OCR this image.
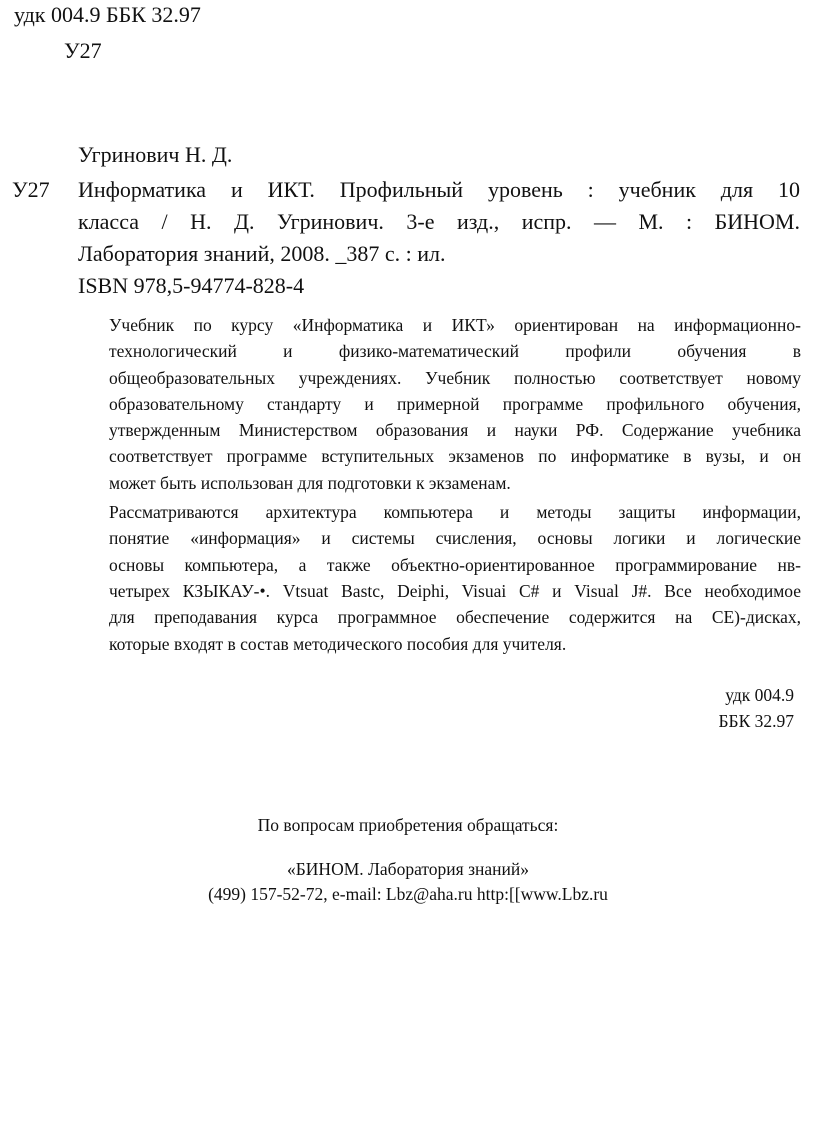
удк 004.9 ББК 32.97
У27
Угринович Н. Д.
У27 Информатика и ИКТ. Профильный уровень : учебник для 10
класса / Н. Д. Угринович. 3-е изд., испр. — М. : БИНОМ.
Лаборатория знаний, 2008. _387 с. : ил.
ISBN 978,5-94774-828-4

Учебник по курсу «Информатика и ИКТ» ориентирован на информационно-
технологический и физико-математический профили обучения в
общеобразовательных учреждениях. Учебник полностью соответствует новому
образовательному стандарту и примерной программе профильного обучения,
утвержденным Министерством образования и науки РФ. Содержание учебника
соответствует программе вступительных экзаменов по информатике в вузы, и он
может быть использован для подготовки к экзаменам.

Рассматриваются архитектура компьютера и методы защиты информации,
понятие «информация» и системы счисления, основы логики и логические
основы компьютера, а также объектно-ориентированное программирование нв-
четырех КЗЫКАУ-•. Vtsuat Bastc, Deiphi, Visuai C# и Visual J#. Все необходимое
для преподавания курса программное обеспечение содержится на CE)-дисках,
которые входят в состав методического пособия для учителя.

удк 004.9
ББК 32.97
По вопросам приобретения обращаться:
«БИНОМ. Лаборатория знаний»
(499) 157-52-72, e-mail: Lbz@aha.ru http:[[www.Lbz.ru
